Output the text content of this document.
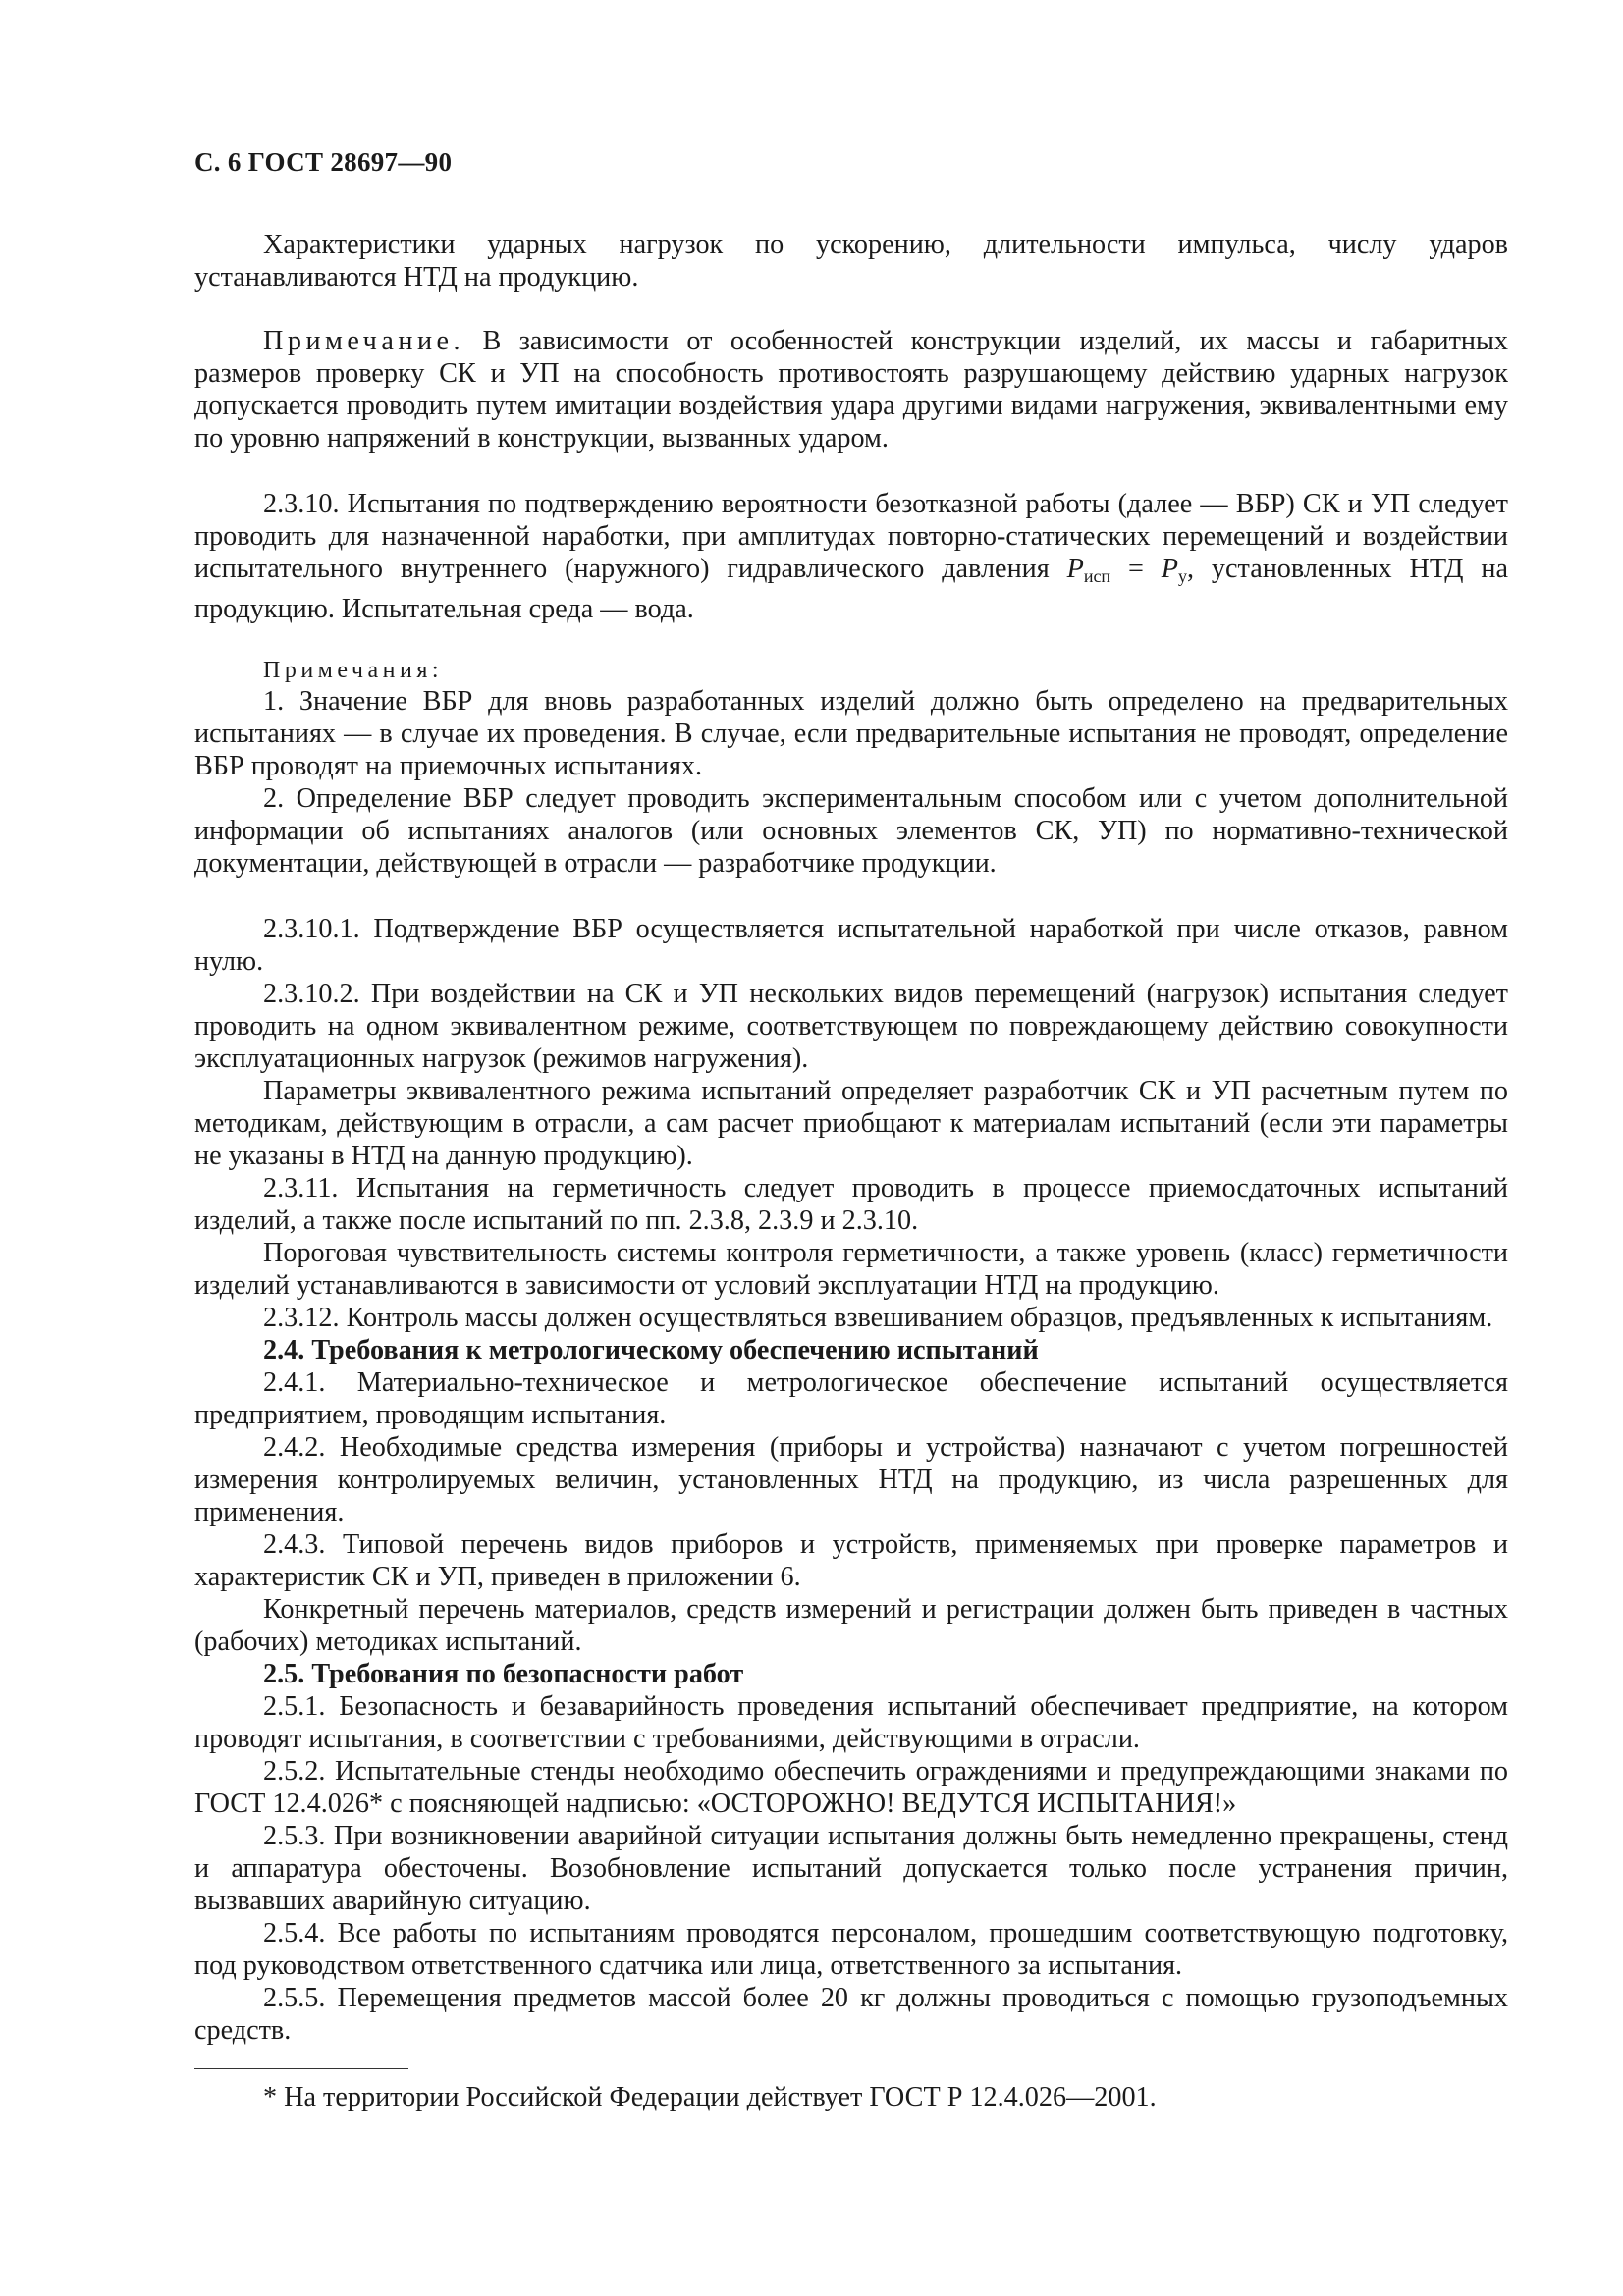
С. 6 ГОСТ 28697—90

Характеристики ударных нагрузок по ускорению, длительности импульса, числу ударов устанавливаются НТД на продукцию.

Примечание. В зависимости от особенностей конструкции изделий, их массы и габаритных размеров проверку СК и УП на способность противостоять разрушающему действию ударных нагрузок допускается проводить путем имитации воздействия удара другими видами нагружения, эквивалентными ему по уровню напряжений в конструкции, вызванных ударом.

2.3.10. Испытания по подтверждению вероятности безотказной работы (далее — ВБР) СК и УП следует проводить для назначенной наработки, при амплитудах повторно-статических перемещений и воздействии испытательного внутреннего (наружного) гидравлического давления $P_{исп} = P_у$, установленных НТД на продукцию. Испытательная среда — вода.

Примечания:

1. Значение ВБР для вновь разработанных изделий должно быть определено на предварительных испытаниях — в случае их проведения. В случае, если предварительные испытания не проводят, определение ВБР проводят на приемочных испытаниях.

2. Определение ВБР следует проводить экспериментальным способом или с учетом дополнительной информации об испытаниях аналогов (или основных элементов СК, УП) по нормативно-технической документации, действующей в отрасли — разработчике продукции.

2.3.10.1. Подтверждение ВБР осуществляется испытательной наработкой при числе отказов, равном нулю.

2.3.10.2. При воздействии на СК и УП нескольких видов перемещений (нагрузок) испытания следует проводить на одном эквивалентном режиме, соответствующем по повреждающему действию совокупности эксплуатационных нагрузок (режимов нагружения).

Параметры эквивалентного режима испытаний определяет разработчик СК и УП расчетным путем по методикам, действующим в отрасли, а сам расчет приобщают к материалам испытаний (если эти параметры не указаны в НТД на данную продукцию).

2.3.11. Испытания на герметичность следует проводить в процессе приемосдаточных испытаний изделий, а также после испытаний по пп. 2.3.8, 2.3.9 и 2.3.10.

Пороговая чувствительность системы контроля герметичности, а также уровень (класс) герметичности изделий устанавливаются в зависимости от условий эксплуатации НТД на продукцию.

2.3.12. Контроль массы должен осуществляться взвешиванием образцов, предъявленных к испытаниям.

2.4. Требования к метрологическому обеспечению испытаний

2.4.1. Материально-техническое и метрологическое обеспечение испытаний осуществляется предприятием, проводящим испытания.

2.4.2. Необходимые средства измерения (приборы и устройства) назначают с учетом погрешностей измерения контролируемых величин, установленных НТД на продукцию, из числа разрешенных для применения.

2.4.3. Типовой перечень видов приборов и устройств, применяемых при проверке параметров и характеристик СК и УП, приведен в приложении 6.

Конкретный перечень материалов, средств измерений и регистрации должен быть приведен в частных (рабочих) методиках испытаний.

2.5. Требования по безопасности работ

2.5.1. Безопасность и безаварийность проведения испытаний обеспечивает предприятие, на котором проводят испытания, в соответствии с требованиями, действующими в отрасли.

2.5.2. Испытательные стенды необходимо обеспечить ограждениями и предупреждающими знаками по ГОСТ 12.4.026* с поясняющей надписью: «ОСТОРОЖНО! ВЕДУТСЯ ИСПЫТАНИЯ!»

2.5.3. При возникновении аварийной ситуации испытания должны быть немедленно прекращены, стенд и аппаратура обесточены. Возобновление испытаний допускается только после устранения причин, вызвавших аварийную ситуацию.

2.5.4. Все работы по испытаниям проводятся персоналом, прошедшим соответствующую подготовку, под руководством ответственного сдатчика или лица, ответственного за испытания.

2.5.5. Перемещения предметов массой более 20 кг должны проводиться с помощью грузоподъемных средств.

* На территории Российской Федерации действует ГОСТ Р 12.4.026—2001.
